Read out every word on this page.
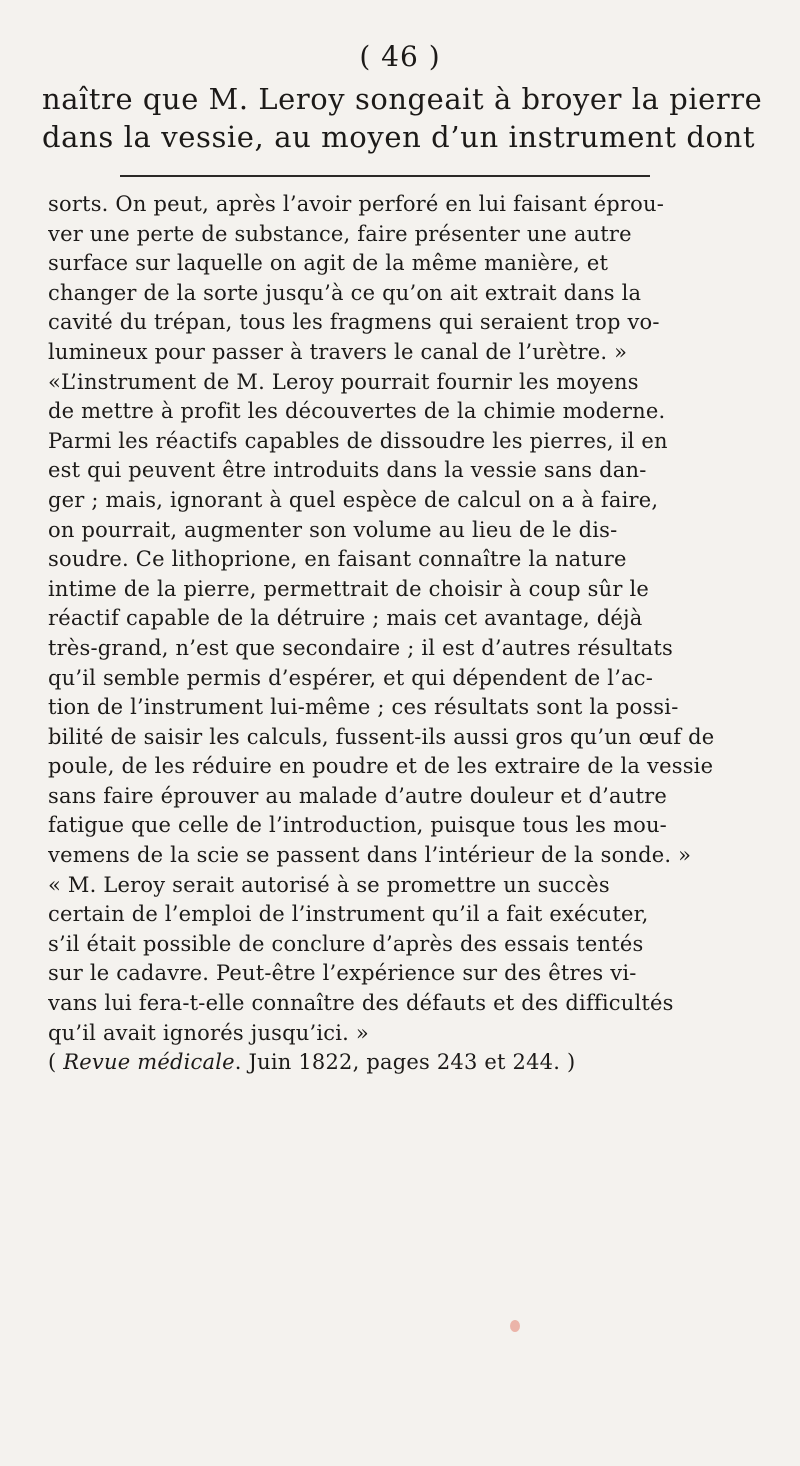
( 46 )
naître que M. Leroy songeait à broyer la pierre
dans la vessie, au moyen d’un instrument dont
sorts. On peut, après l’avoir perforé en lui faisant éprou-
ver une perte de substance, faire présenter une autre
surface sur laquelle on agit de la même manière, et
changer de la sorte jusqu’à ce qu’on ait extrait dans la
cavité du trépan, tous les fragmens qui seraient trop vo-
lumineux pour passer à travers le canal de l’urètre. »
«L’instrument de M. Leroy pourrait fournir les moyens
de mettre à profit les découvertes de la chimie moderne.
Parmi les réactifs capables de dissoudre les pierres, il en
est qui peuvent être introduits dans la vessie sans dan-
ger ; mais, ignorant à quel espèce de calcul on a à faire,
on pourrait, augmenter son volume au lieu de le dis-
soudre. Ce lithoprione, en faisant connaître la nature
intime de la pierre, permettrait de choisir à coup sûr le
réactif capable de la détruire ; mais cet avantage, déjà
très-grand, n’est que secondaire ; il est d’autres résultats
qu’il semble permis d’espérer, et qui dépendent de l’ac-
tion de l’instrument lui-même ; ces résultats sont la possi-
bilité de saisir les calculs, fussent-ils aussi gros qu’un œuf de
poule, de les réduire en poudre et de les extraire de la vessie
sans faire éprouver au malade d’autre douleur et d’autre
fatigue que celle de l’introduction, puisque tous les mou-
vemens de la scie se passent dans l’intérieur de la sonde. »
« M. Leroy serait autorisé à se promettre un succès
certain de l’emploi de l’instrument qu’il a fait exécuter,
s’il était possible de conclure d’après des essais tentés
sur le cadavre. Peut-être l’expérience sur des êtres vi-
vans lui fera-t-elle connaître des défauts et des difficultés
qu’il avait ignorés jusqu’ici. »
( Revue médicale. Juin 1822, pages 243 et 244. )
